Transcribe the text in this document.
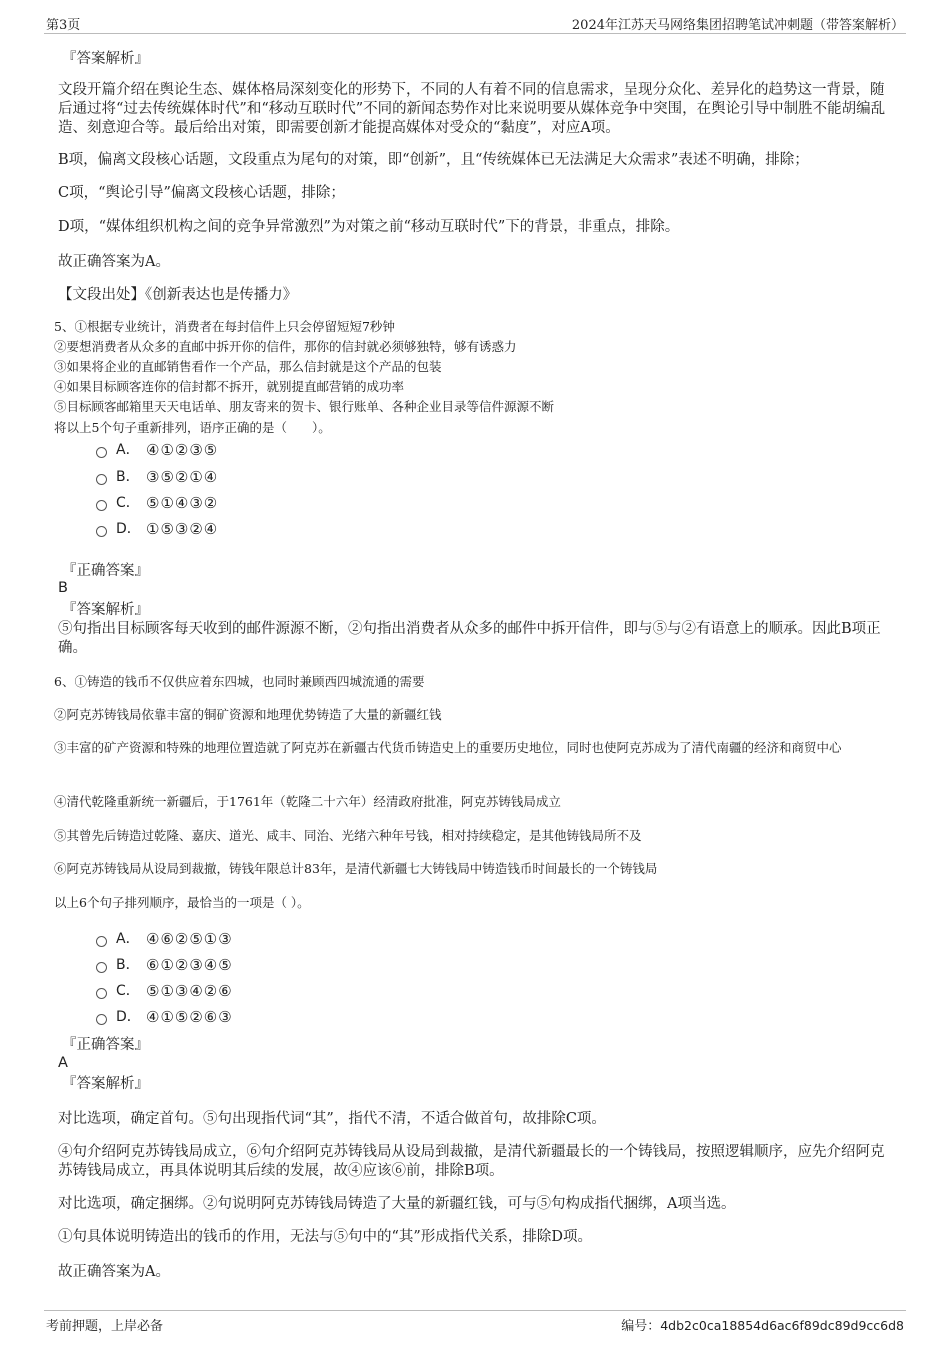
第3页	2024年江苏天马网络集团招聘笔试冲刺题（带答案解析）
『答案解析』
文段开篇介绍在舆论生态、媒体格局深刻变化的形势下，不同的人有着不同的信息需求，呈现分众化、差异化的趋势这一背景，随后通过将“过去传统媒体时代”和“移动互联时代”不同的新闻态势作对比来说明要从媒体竞争中突围，在舆论引导中制胜不能胡编乱造、刻意迎合等。最后给出对策，即需要创新才能提高媒体对受众的“黏度”，对应A项。
B项，偏离文段核心话题，文段重点为尾句的对策，即“创新”，且“传统媒体已无法满足大众需求”表述不明确，排除；
C项，“舆论引导”偏离文段核心话题，排除；
D项，“媒体组织机构之间的竞争异常激烈”为对策之前“移动互联时代”下的背景，非重点，排除。
故正确答案为A。
【文段出处】《创新表达也是传播力》
5、①根据专业统计，消费者在每封信件上只会停留短短7秒钟
②要想消费者从众多的直邮中拆开你的信件，那你的信封就必须够独特，够有诱惑力
③如果将企业的直邮销售看作一个产品，那么信封就是这个产品的包装
④如果目标顾客连你的信封都不拆开，就别提直邮营销的成功率
⑤目标顾客邮箱里天天电话单、朋友寄来的贺卡、银行账单、各种企业目录等信件源源不断
将以上5个句子重新排列，语序正确的是（　　）。
A． ④①②③⑤
B． ③⑤②①④
C． ⑤①④③②
D． ①⑤③②④
『正确答案』
B
『答案解析』
⑤句指出目标顾客每天收到的邮件源源不断，②句指出消费者从众多的邮件中拆开信件，即与⑤与②有语意上的顺承。因此B项正确。
6、①铸造的钱币不仅供应着东四城，也同时兼顾西四城流通的需要
②阿克苏铸钱局依靠丰富的铜矿资源和地理优势铸造了大量的新疆红钱
③丰富的矿产资源和特殊的地理位置造就了阿克苏在新疆古代货币铸造史上的重要历史地位，同时也使阿克苏成为了清代南疆的经济和商贸中心
④清代乾隆重新统一新疆后，于1761年（乾隆二十六年）经清政府批准，阿克苏铸钱局成立
⑤其曾先后铸造过乾隆、嘉庆、道光、咸丰、同治、光绪六种年号钱，相对持续稳定，是其他铸钱局所不及
⑥阿克苏铸钱局从设局到裁撤，铸钱年限总计83年，是清代新疆七大铸钱局中铸造钱币时间最长的一个铸钱局
以上6个句子排列顺序，最恰当的一项是（ ）。
A． ④⑥②⑤①③
B． ⑥①②③④⑤
C． ⑤①③④②⑥
D． ④①⑤②⑥③
『正确答案』
A
『答案解析』
对比选项，确定首句。⑤句出现指代词“其”，指代不清，不适合做首句，故排除C项。
④句介绍阿克苏铸钱局成立，⑥句介绍阿克苏铸钱局从设局到裁撤，是清代新疆最长的一个铸钱局，按照逻辑顺序，应先介绍阿克苏铸钱局成立，再具体说明其后续的发展，故④应该⑥前，排除B项。
对比选项，确定捆绑。②句说明阿克苏铸钱局铸造了大量的新疆红钱，可与⑤句构成指代捆绑，A项当选。
①句具体说明铸造出的钱币的作用，无法与⑤句中的“其”形成指代关系，排除D项。
故正确答案为A。
考前押题，上岸必备	编号：4db2c0ca18854d6ac6f89dc89d9cc6d8
